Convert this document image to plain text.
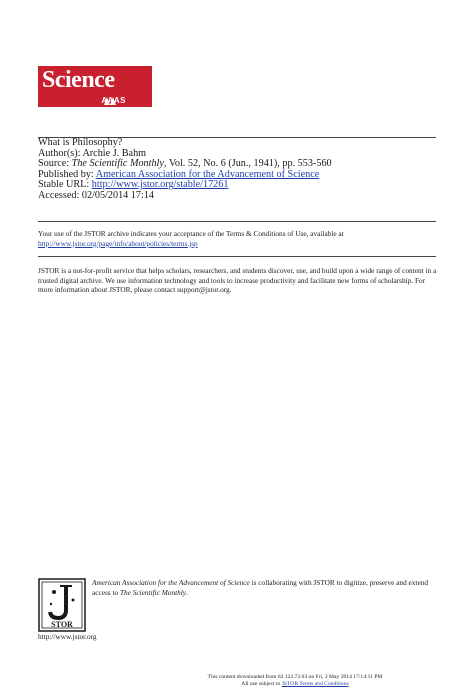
Science
AAAS
What is Philosophy?
Author(s): Archie J. Bahm
Source: The Scientific Monthly, Vol. 52, No. 6 (Jun., 1941), pp. 553-560
Published by: American Association for the Advancement of Science
Stable URL: http://www.jstor.org/stable/17261
Accessed: 02/05/2014 17:14
Your use of the JSTOR archive indicates your acceptance of the Terms & Conditions of Use, available at
http://www.jstor.org/page/info/about/policies/terms.jsp
JSTOR is a not-for-profit service that helps scholars, researchers, and students discover, use, and build upon a wide range of content in a trusted digital archive. We use information technology and tools to increase productivity and facilitate new forms of scholarship. For more information about JSTOR, please contact support@jstor.org.
STOR
American Association for the Advancement of Science is collaborating with JSTOR to digitize, preserve and extend access to The Scientific Monthly.
http://www.jstor.org
This content downloaded from 62.122.72.63 on Fri, 2 May 2014 17:14:11 PM
All use subject to JSTOR Terms and Conditions
